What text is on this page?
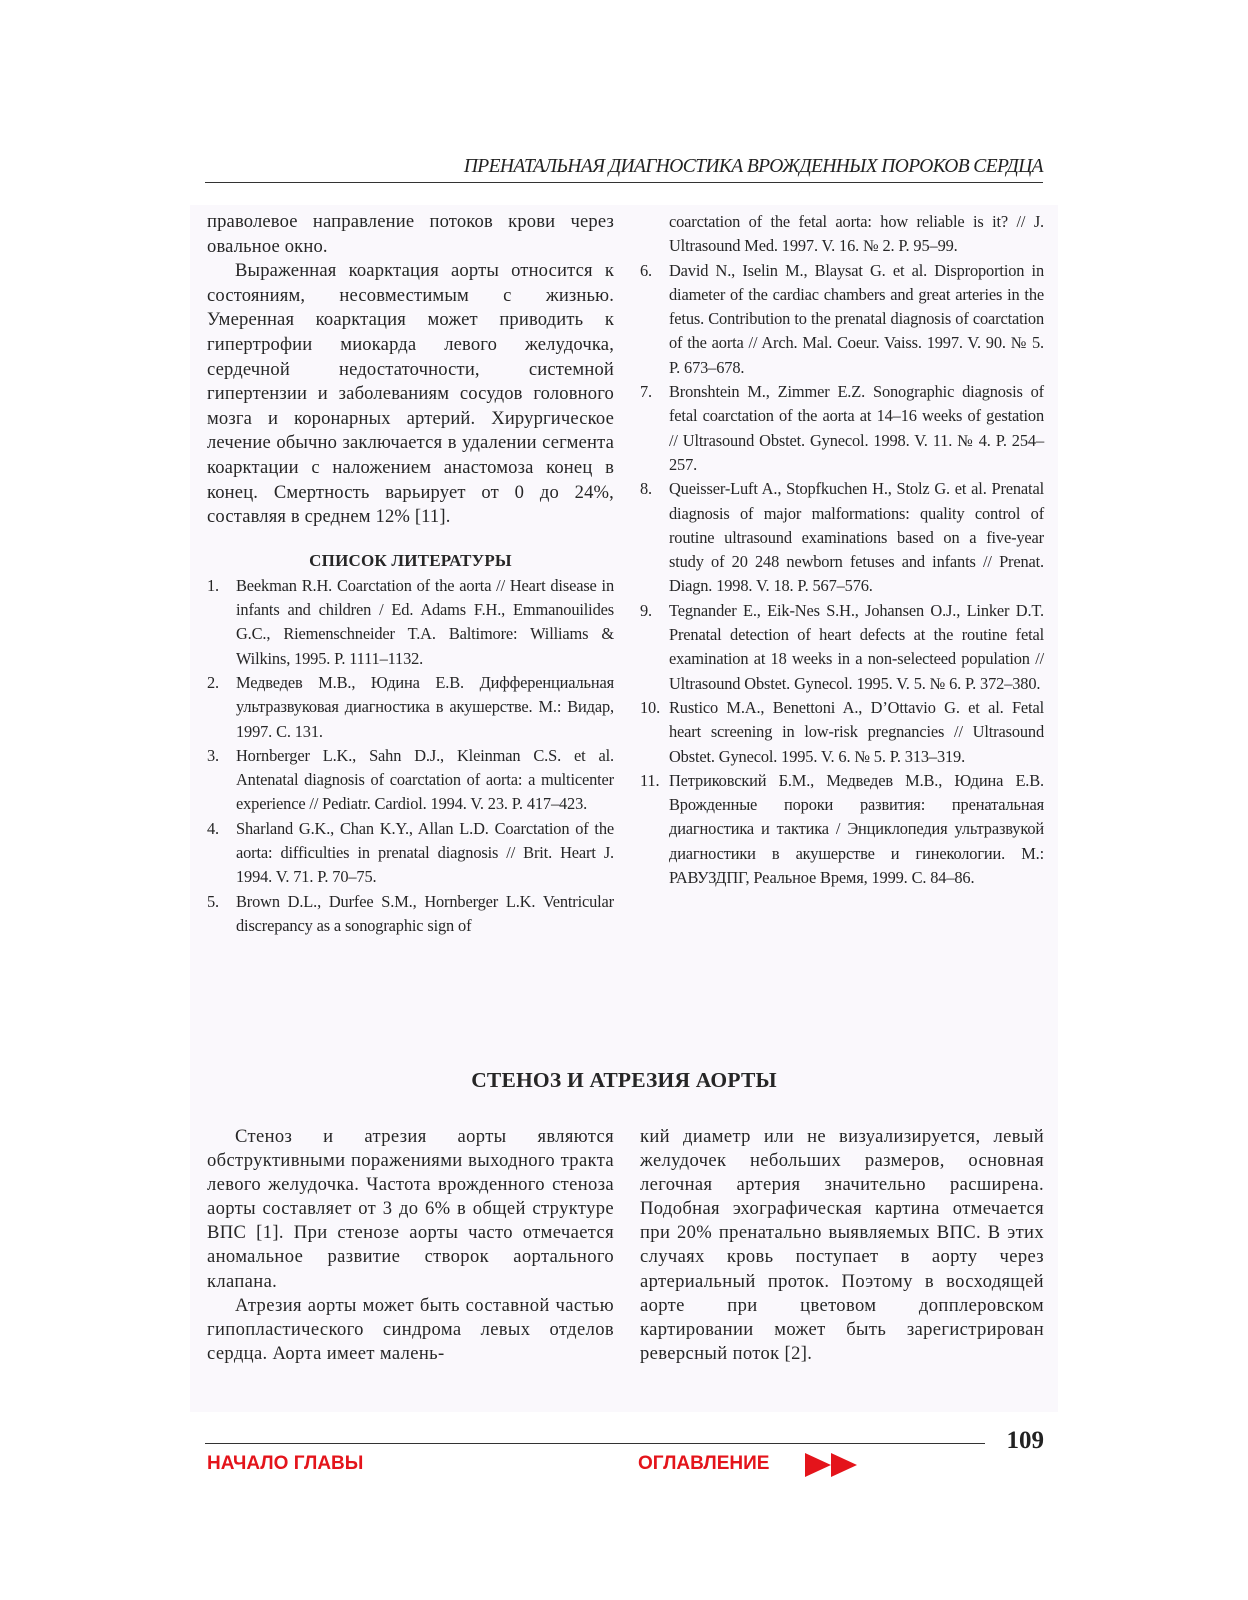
ПРЕНАТАЛЬНАЯ ДИАГНОСТИКА ВРОЖДЕННЫХ ПОРОКОВ СЕРДЦА

праволевое направление потоков крови через овальное окно.

Выраженная коарктация аорты относится к состояниям, несовместимым с жизнью. Умеренная коарктация может приводить к гипертрофии миокарда левого желудочка, сердечной недостаточности, системной гипертензии и заболеваниям сосудов головного мозга и коронарных артерий. Хирургическое лечение обычно заключается в удалении сегмента коарктации с наложением анастомоза конец в конец. Смертность варьирует от 0 до 24%, составляя в среднем 12% [11].

СПИСОК ЛИТЕРАТУРЫ
1. Beekman R.H. Coarctation of the aorta // Heart disease in infants and children / Ed. Adams F.H., Emmanouilides G.C., Riemenschneider T.A. Baltimore: Williams & Wilkins, 1995. P. 1111–1132.
2. Медведев М.В., Юдина Е.В. Дифференциальная ультразвуковая диагностика в акушерстве. М.: Видар, 1997. С. 131.
3. Hornberger L.K., Sahn D.J., Kleinman C.S. et al. Antenatal diagnosis of coarctation of aorta: a multicenter experience // Pediatr. Cardiol. 1994. V. 23. P. 417–423.
4. Sharland G.K., Chan K.Y., Allan L.D. Coarctation of the aorta: difficulties in prenatal diagnosis // Brit. Heart J. 1994. V. 71. P. 70–75.
5. Brown D.L., Durfee S.M., Hornberger L.K. Ventricular discrepancy as a sonographic sign of
coarctation of the fetal aorta: how reliable is it? // J. Ultrasound Med. 1997. V. 16. № 2. P. 95–99.
6. David N., Iselin M., Blaysat G. et al. Disproportion in diameter of the cardiac chambers and great arteries in the fetus. Contribution to the prenatal diagnosis of coarctation of the aorta // Arch. Mal. Coeur. Vaiss. 1997. V. 90. № 5. P. 673–678.
7. Bronshtein M., Zimmer E.Z. Sonographic diagnosis of fetal coarctation of the aorta at 14–16 weeks of gestation // Ultrasound Obstet. Gynecol. 1998. V. 11. № 4. P. 254–257.
8. Queisser-Luft A., Stopfkuchen H., Stolz G. et al. Prenatal diagnosis of major malformations: quality control of routine ultrasound examinations based on a five-year study of 20 248 newborn fetuses and infants // Prenat. Diagn. 1998. V. 18. P. 567–576.
9. Tegnander E., Eik-Nes S.H., Johansen O.J., Linker D.T. Prenatal detection of heart defects at the routine fetal examination at 18 weeks in a non-selecteed population // Ultrasound Obstet. Gynecol. 1995. V. 5. № 6. P. 372–380.
10. Rustico M.A., Benettoni A., D’Ottavio G. et al. Fetal heart screening in low-risk pregnancies // Ultrasound Obstet. Gynecol. 1995. V. 6. № 5. P. 313–319.
11. Петриковский Б.М., Медведев М.В., Юдина Е.В. Врожденные пороки развития: пренатальная диагностика и тактика / Энциклопедия ультразвукой диагностики в акушерстве и гинекологии. М.: РАВУЗДПГ, Реальное Время, 1999. С. 84–86.
СТЕНОЗ И АТРЕЗИЯ АОРТЫ

Стеноз и атрезия аорты являются обструктивными поражениями выходного тракта левого желудочка. Частота врожденного стеноза аорты составляет от 3 до 6% в общей структуре ВПС [1]. При стенозе аорты часто отмечается аномальное развитие створок аортального клапана.

Атрезия аорты может быть составной частью гипопластического синдрома левых отделов сердца. Аорта имеет малень-

кий диаметр или не визуализируется, левый желудочек небольших размеров, основная легочная артерия значительно расширена. Подобная эхографическая картина отмечается при 20% пренатально выявляемых ВПС. В этих случаях кровь поступает в аорту через артериальный проток. Поэтому в восходящей аорте при цветовом допплеровском картировании может быть зарегистрирован реверсный поток [2].

109
НАЧАЛО ГЛАВЫ	ОГЛАВЛЕНИЕ
